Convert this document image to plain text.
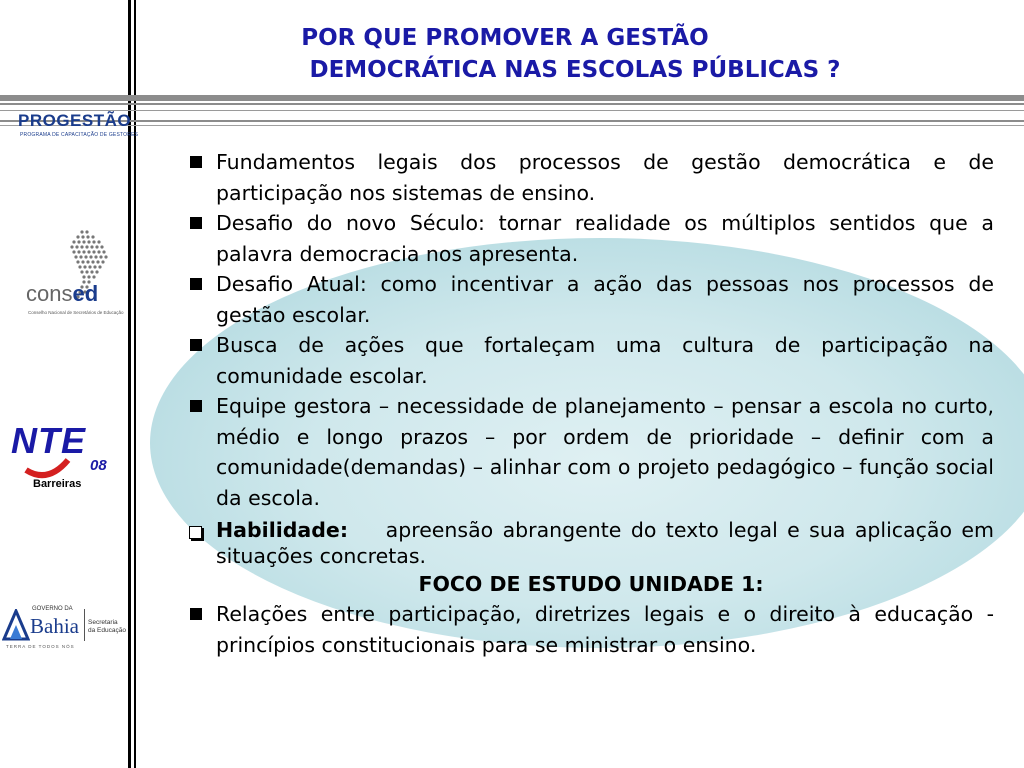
POR QUE PROMOVER A GESTÃO
DEMOCRÁTICA NAS ESCOLAS PÚBLICAS ?
PROGESTÃO
PROGRAMA DE CAPACITAÇÃO DE GESTORES
consed
Conselho Nacional de Secretários de Educação
NTE
08
Barreiras
GOVERNO DA
Bahia
TERRA DE TODOS NÓS
Secretaria
da Educação
Fundamentos legais dos processos de gestão democrática e de participação nos sistemas de ensino.
Desafio do novo Século: tornar realidade os múltiplos sentidos que a palavra democracia nos apresenta.
Desafio Atual: como incentivar a ação das pessoas nos processos de gestão escolar.
Busca de ações que fortaleçam uma cultura de participação na comunidade escolar.
Equipe gestora – necessidade de planejamento – pensar a escola no curto, médio e longo prazos – por ordem de prioridade – definir com a comunidade(demandas) – alinhar com o projeto pedagógico – função social da escola.
Habilidade: apreensão abrangente do texto legal e sua aplicação em situações concretas.
FOCO DE ESTUDO UNIDADE 1:
Relações entre participação, diretrizes legais e o direito à educação - princípios constitucionais para se ministrar o ensino.
